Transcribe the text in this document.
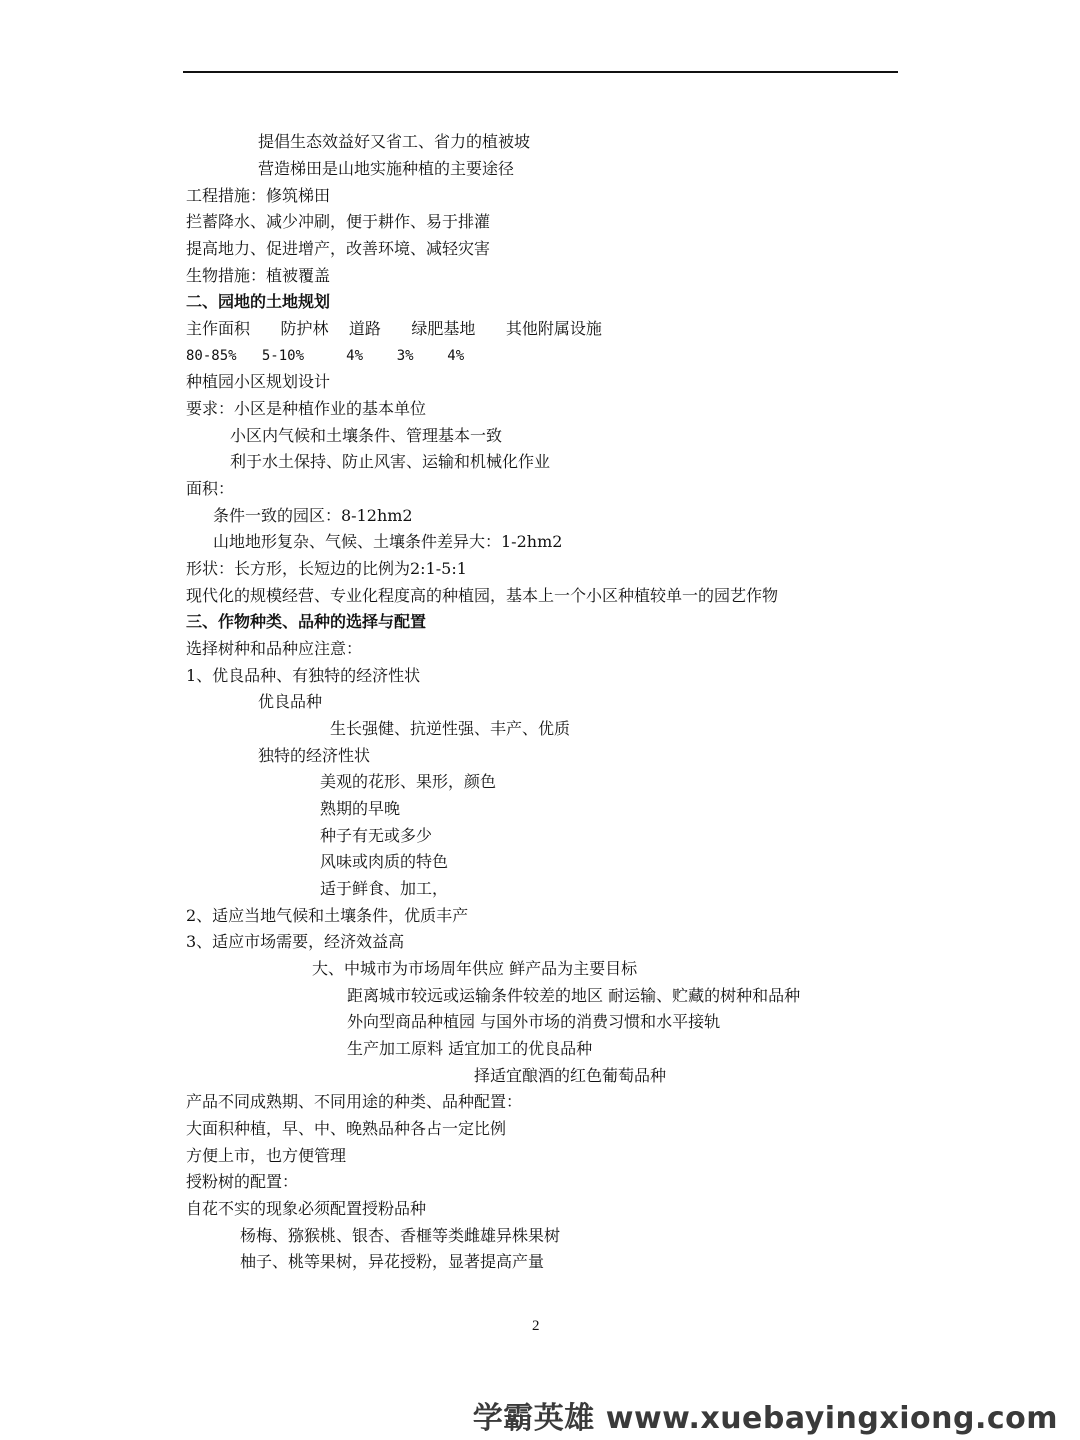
提倡生态效益好又省工、省力的植被坡
营造梯田是山地实施种植的主要途径
工程措施：修筑梯田
拦蓄降水、减少冲刷，便于耕作、易于排灌
提高地力、促进增产，改善环境、减轻灾害
生物措施：植被覆盖
二、园地的土地规划
主作面积      防护林    道路      绿肥基地      其他附属设施
80-85%   5-10%     4%    3%    4%
种植园小区规划设计
要求：小区是种植作业的基本单位
小区内气候和土壤条件、管理基本一致
利于水土保持、防止风害、运输和机械化作业
面积：
条件一致的园区：8-12hm2
山地地形复杂、气候、土壤条件差异大：1-2hm2
形状：长方形，长短边的比例为2:1-5:1
现代化的规模经营、专业化程度高的种植园，基本上一个小区种植较单一的园艺作物
三、作物种类、品种的选择与配置
选择树种和品种应注意：
1、优良品种、有独特的经济性状
优良品种
生长强健、抗逆性强、丰产、优质
独特的经济性状
美观的花形、果形，颜色
熟期的早晚
种子有无或多少
风味或肉质的特色
适于鲜食、加工，
2、适应当地气候和土壤条件，优质丰产
3、适应市场需要，经济效益高
大、中城市为市场周年供应 鲜产品为主要目标
距离城市较远或运输条件较差的地区 耐运输、贮藏的树种和品种
外向型商品种植园 与国外市场的消费习惯和水平接轨
生产加工原料 适宜加工的优良品种
择适宜酿酒的红色葡萄品种
产品不同成熟期、不同用途的种类、品种配置：
大面积种植，早、中、晚熟品种各占一定比例
方便上市，也方便管理
授粉树的配置：
自花不实的现象必须配置授粉品种
杨梅、猕猴桃、银杏、香榧等类雌雄异株果树
柚子、桃等果树，异花授粉，显著提高产量
2
学霸英雄 www.xuebayingxiong.com
